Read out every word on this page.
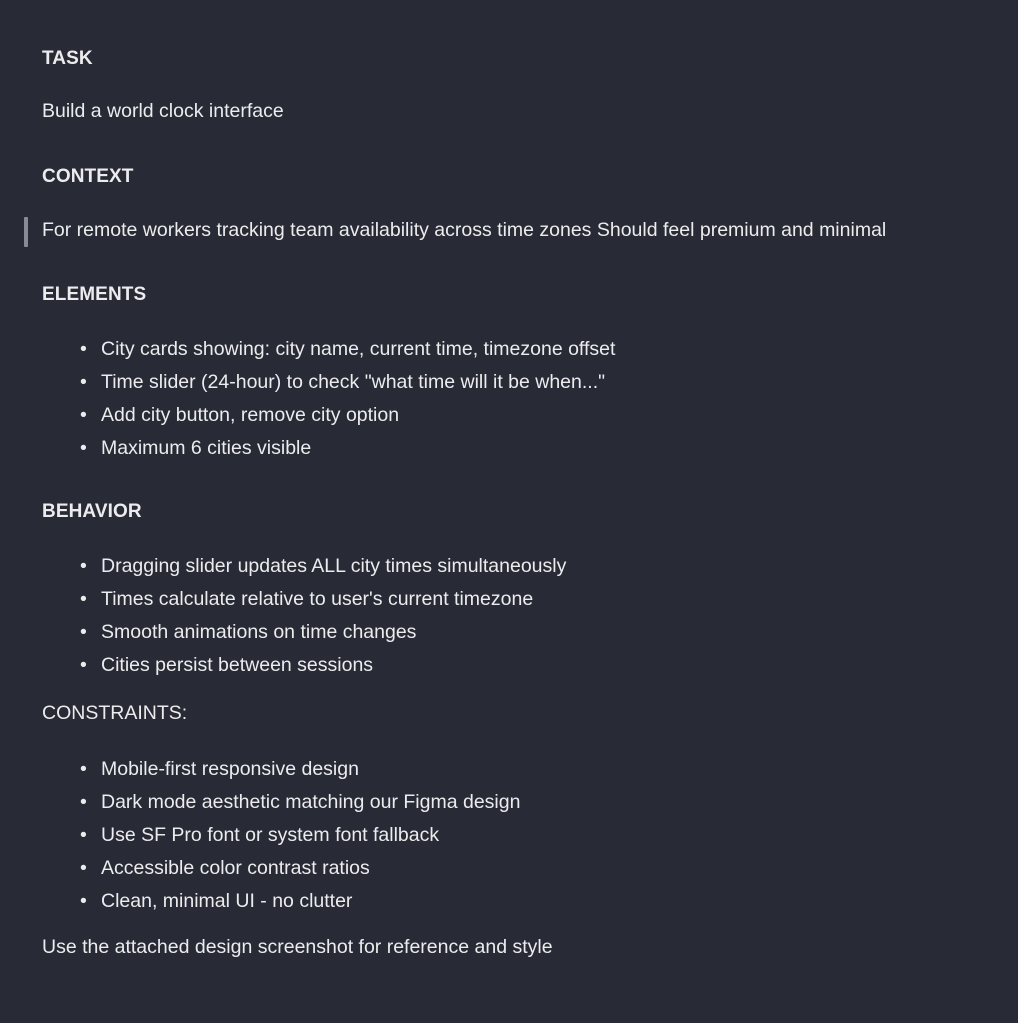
TASK
Build a world clock interface
CONTEXT
For remote workers tracking team availability across time zones Should feel premium and minimal
ELEMENTS
• City cards showing: city name, current time, timezone offset
• Time slider (24-hour) to check "what time will it be when..."
• Add city button, remove city option
• Maximum 6 cities visible
BEHAVIOR
• Dragging slider updates ALL city times simultaneously
• Times calculate relative to user's current timezone
• Smooth animations on time changes
• Cities persist between sessions
CONSTRAINTS:
• Mobile-first responsive design
• Dark mode aesthetic matching our Figma design
• Use SF Pro font or system font fallback
• Accessible color contrast ratios
• Clean, minimal UI - no clutter
Use the attached design screenshot for reference and style
